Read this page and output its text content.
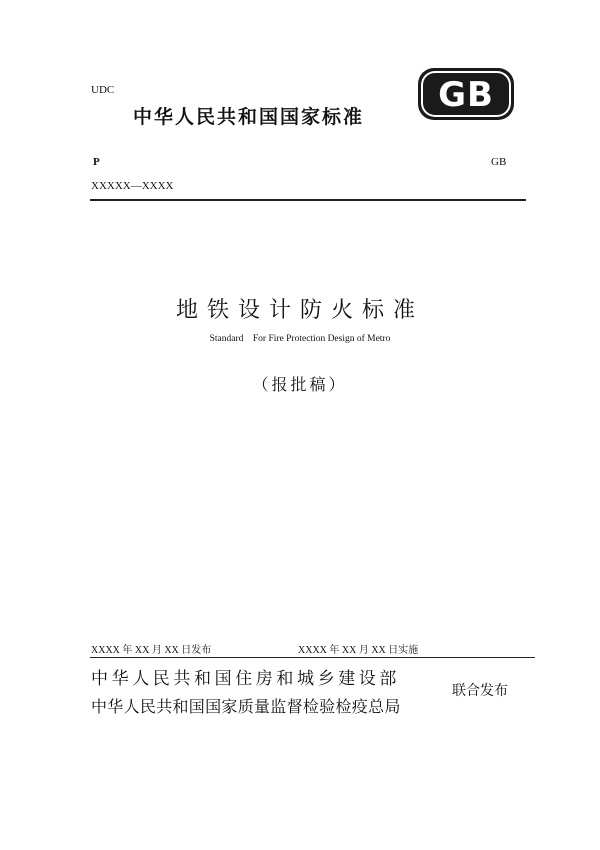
UDC
中华人民共和国国家标准
GB
P	GB
XXXXX—XXXX
地铁设计防火标准
Standard    For Fire Protection Design of Metro
（报批稿）
XXXX 年 XX 月 XX 日发布	XXXX 年 XX 月 XX 日实施
中华人民共和国住房和城乡建设部
中华人民共和国国家质量监督检验检疫总局
联合发布
